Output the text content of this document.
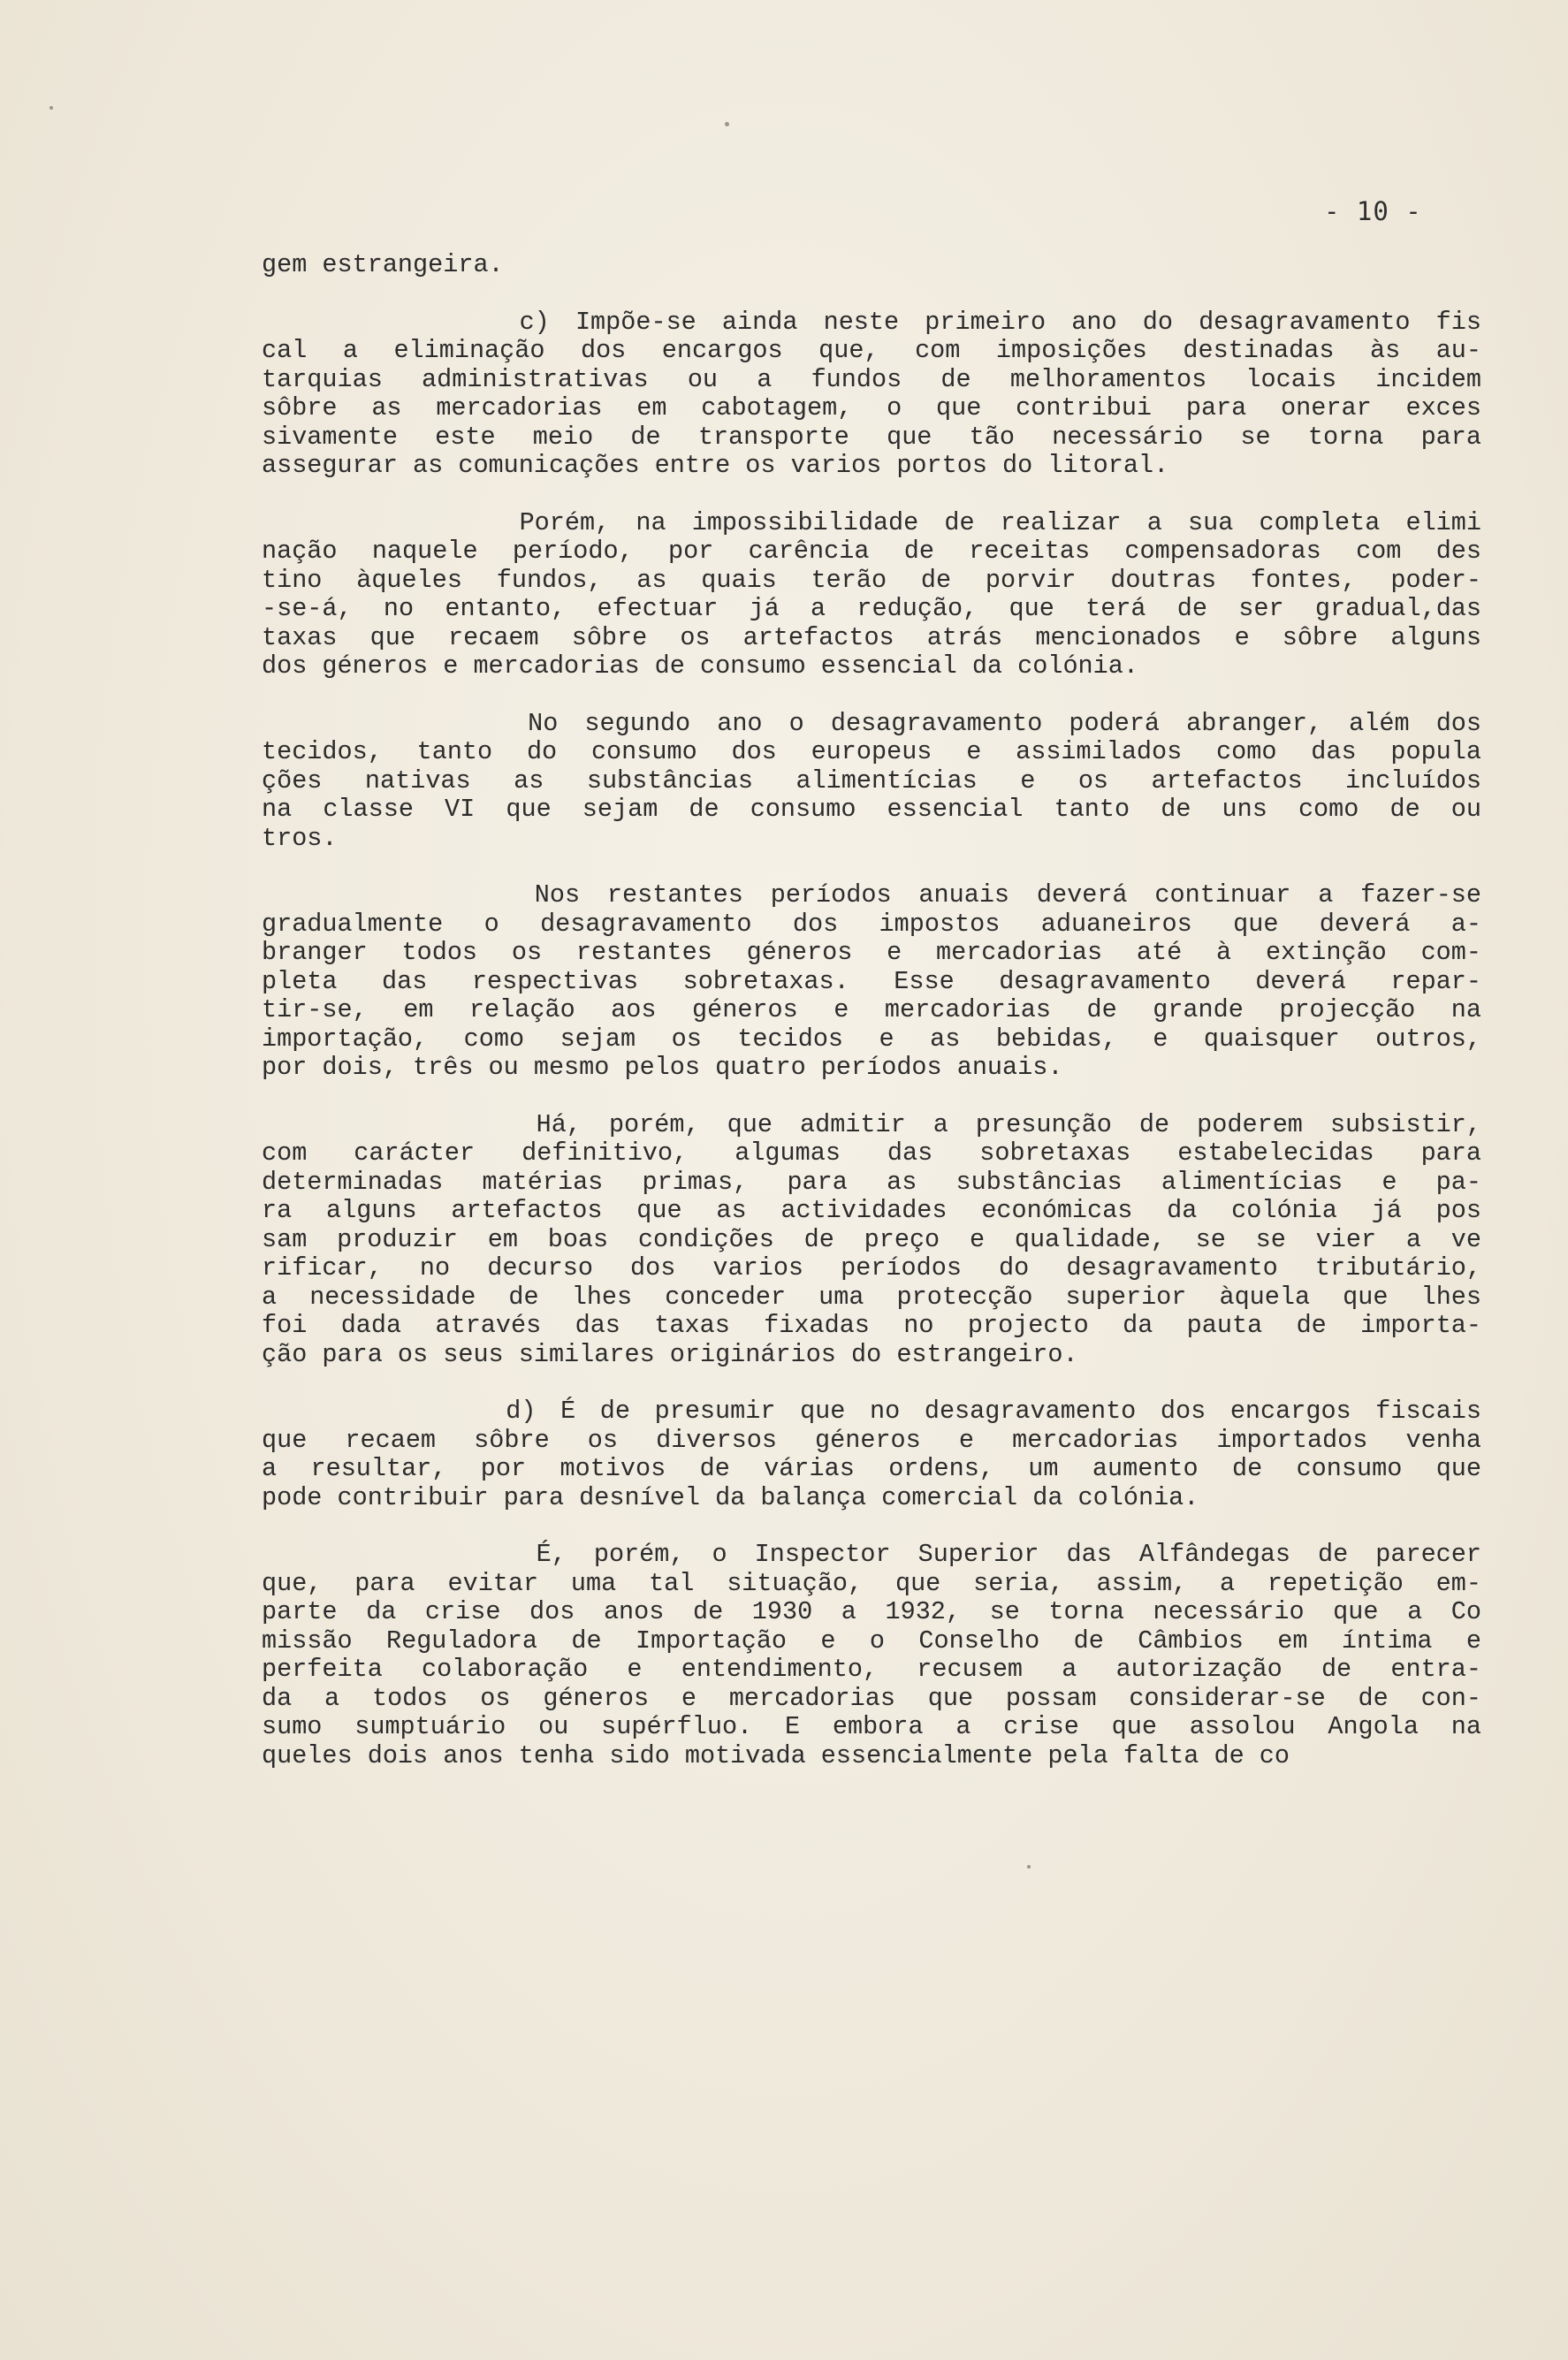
- 10 -
gem estrangeira.
c) Impõe-se ainda neste primeiro ano do desagravamento fis
cal a eliminação dos encargos que, com imposições destinadas às au-
tarquias administrativas ou a fundos de melhoramentos locais incidem
sôbre as mercadorias em cabotagem, o que contribui para onerar exces
sivamente este meio de transporte que tão necessário se torna para
assegurar as comunicações entre os varios portos do litoral.
Porém, na impossibilidade de realizar a sua completa elimi
nação naquele período, por carência de receitas compensadoras com des
tino àqueles fundos, as quais terão de porvir doutras fontes, poder-
-se-á, no entanto, efectuar já a redução, que terá de ser gradual,das
taxas que recaem sôbre os artefactos atrás mencionados e sôbre alguns
dos géneros e mercadorias de consumo essencial da colónia.
No segundo ano o desagravamento poderá abranger, além dos
tecidos, tanto do consumo dos europeus e assimilados como das popula
ções nativas as substâncias alimentícias e os artefactos incluídos
na classe VI que sejam de consumo essencial tanto de uns como de ou
tros.
Nos restantes períodos anuais deverá continuar a fazer-se
gradualmente o desagravamento dos impostos aduaneiros que deverá a-
branger todos os restantes géneros e mercadorias até à extinção com-
pleta das respectivas sobretaxas. Esse desagravamento deverá repar-
tir-se, em relação aos géneros e mercadorias de grande projecção na
importação, como sejam os tecidos e as bebidas, e quaisquer outros,
por dois, três ou mesmo pelos quatro períodos anuais.
Há, porém, que admitir a presunção de poderem subsistir,
com carácter definitivo, algumas das sobretaxas estabelecidas para
determinadas matérias primas, para as substâncias alimentícias e pa-
ra alguns artefactos que as actividades económicas da colónia já pos
sam produzir em boas condições de preço e qualidade, se se vier a ve
rificar, no decurso dos varios períodos do desagravamento tributário,
a necessidade de lhes conceder uma protecção superior àquela que lhes
foi dada através das taxas fixadas no projecto da pauta de importa-
ção para os seus similares originários do estrangeiro.
d) É de presumir que no desagravamento dos encargos fiscais
que recaem sôbre os diversos géneros e mercadorias importados venha
a resultar, por motivos de várias ordens, um aumento de consumo que
pode contribuir para desnível da balança comercial da colónia.
É, porém, o Inspector Superior das Alfândegas de parecer
que, para evitar uma tal situação, que seria, assim, a repetição em-
parte da crise dos anos de 1930 a 1932, se torna necessário que a Co
missão Reguladora de Importação e o Conselho de Câmbios em íntima e
perfeita colaboração e entendimento, recusem a autorização de entra-
da a todos os géneros e mercadorias que possam considerar-se de con-
sumo sumptuário ou supérfluo. E embora a crise que assolou Angola na
queles dois anos tenha sido motivada essencialmente pela falta de co
